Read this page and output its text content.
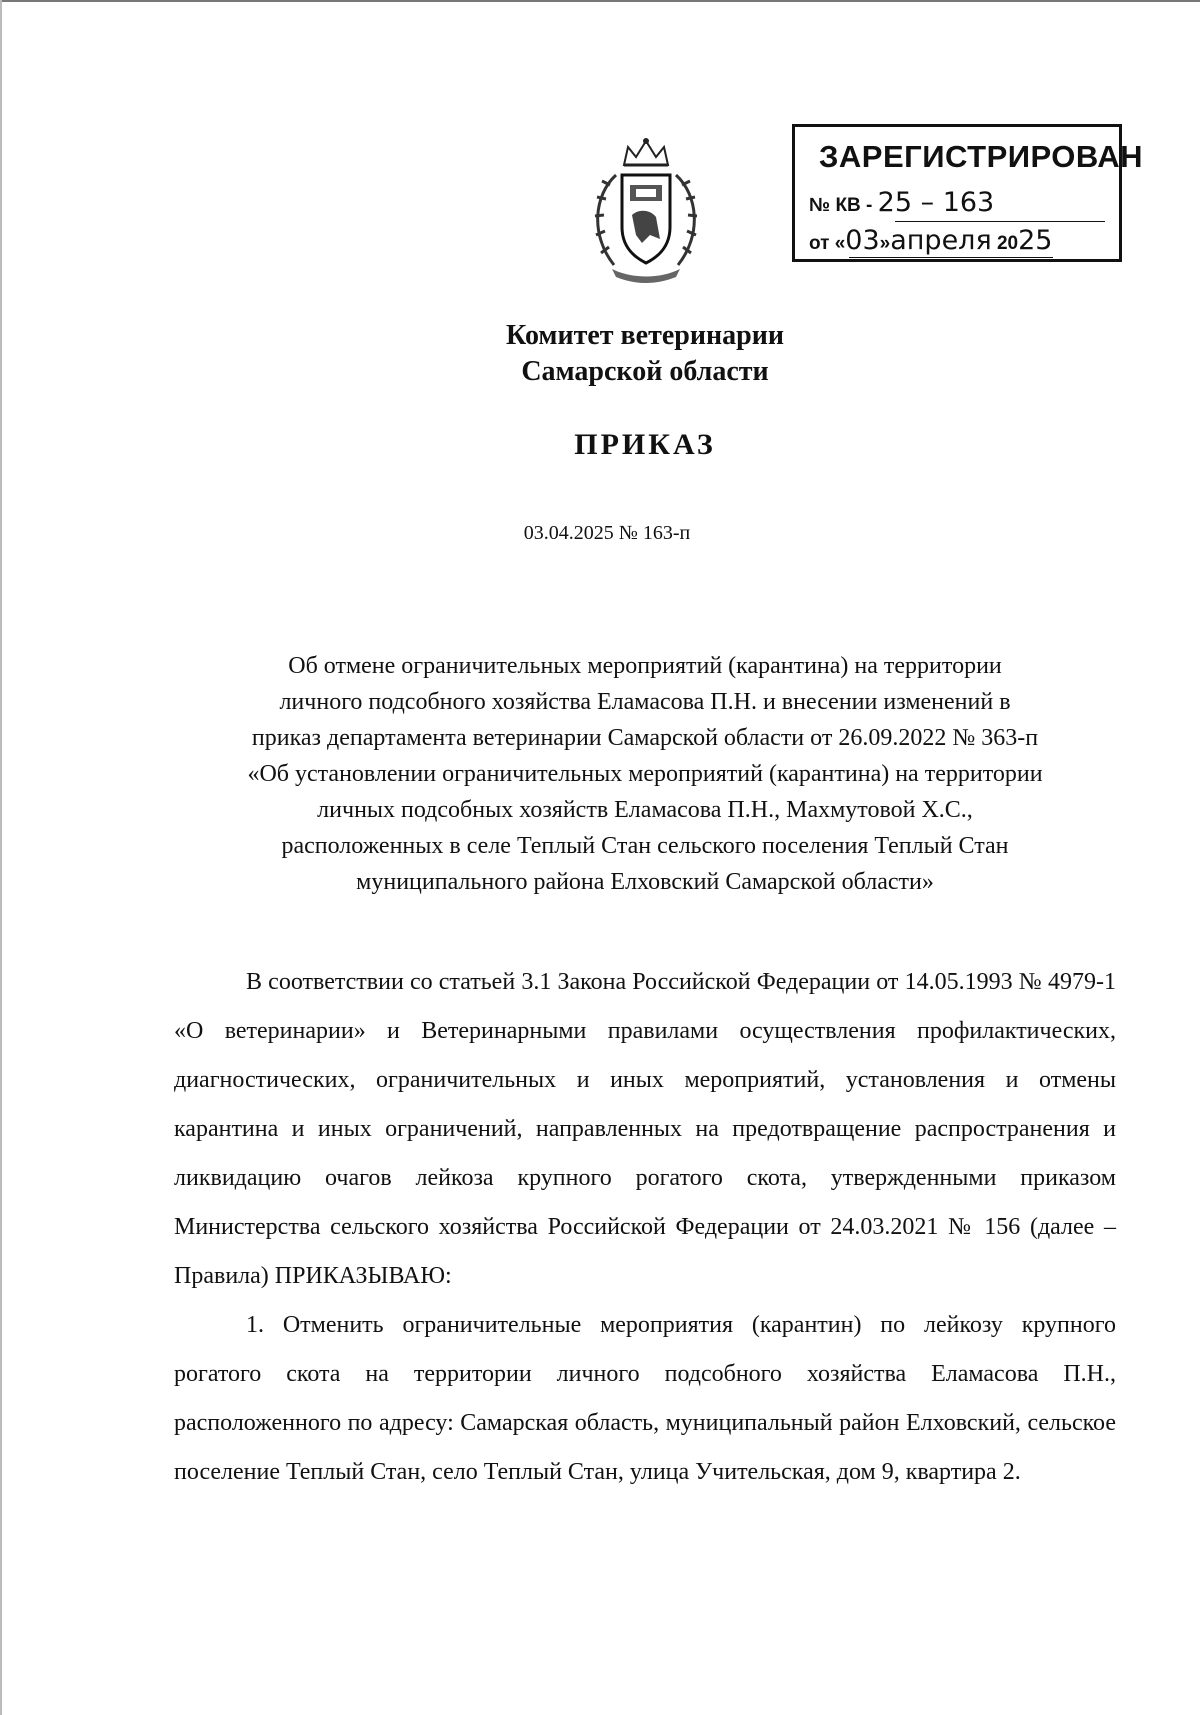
ЗАРЕГИСТРИРОВАН
№ КВ - 25 – 163
от «03»апреля 2025
Комитет ветеринарии
Самарской области
ПРИКАЗ
03.04.2025 № 163-п
Об отмене ограничительных мероприятий (карантина) на территории
личного подсобного хозяйства Еламасова П.Н. и внесении изменений в
приказ департамента ветеринарии Самарской области от 26.09.2022 № 363-п
«Об установлении ограничительных мероприятий (карантина) на территории
личных подсобных хозяйств Еламасова П.Н., Махмутовой Х.С.,
расположенных в селе Теплый Стан сельского поселения Теплый Стан
муниципального района Елховский Самарской области»

В соответствии со статьей 3.1 Закона Российской Федерации от 14.05.1993 № 4979-1 «О ветеринарии» и Ветеринарными правилами осуществления профилактических, диагностических, ограничительных и иных мероприятий, установления и отмены карантина и иных ограничений, направленных на предотвращение распространения и ликвидацию очагов лейкоза крупного рогатого скота, утвержденными приказом Министерства сельского хозяйства Российской Федерации от 24.03.2021 № 156 (далее – Правила) ПРИКАЗЫВАЮ:

1. Отменить ограничительные мероприятия (карантин) по лейкозу крупного рогатого скота на территории личного подсобного хозяйства Еламасова П.Н., расположенного по адресу: Самарская область, муниципальный район Елховский, сельское поселение Теплый Стан, село Теплый Стан, улица Учительская, дом 9, квартира 2.
